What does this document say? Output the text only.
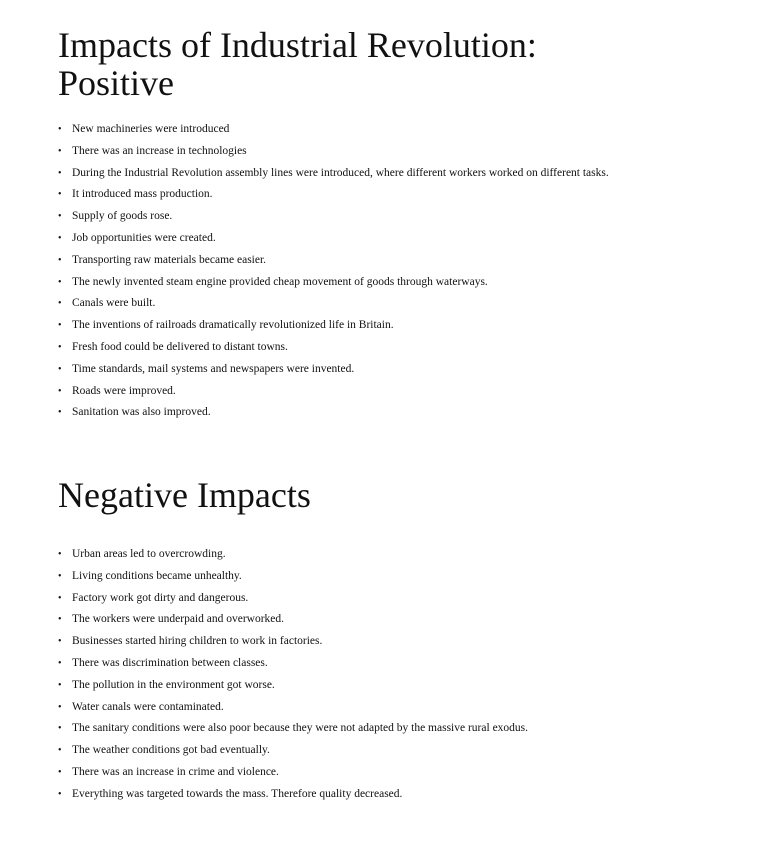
Impacts of Industrial Revolution:
Positive
• New machineries were introduced
• There was an increase in technologies
• During the Industrial Revolution assembly lines were introduced, where different workers worked on different tasks.
• It introduced mass production.
• Supply of goods rose.
• Job opportunities were created.
• Transporting raw materials became easier.
• The newly invented steam engine provided cheap movement of goods through waterways.
• Canals were built.
• The inventions of railroads dramatically revolutionized life in Britain.
• Fresh food could be delivered to distant towns.
• Time standards, mail systems and newspapers were invented.
• Roads were improved.
• Sanitation was also improved.
Negative Impacts
• Urban areas led to overcrowding.
• Living conditions became unhealthy.
• Factory work got dirty and dangerous.
• The workers were underpaid and overworked.
• Businesses started hiring children to work in factories.
• There was discrimination between classes.
• The pollution in the environment got worse.
• Water canals were contaminated.
• The sanitary conditions were also poor because they were not adapted by the massive rural exodus.
• The weather conditions got bad eventually.
• There was an increase in crime and violence.
• Everything was targeted towards the mass. Therefore quality decreased.
